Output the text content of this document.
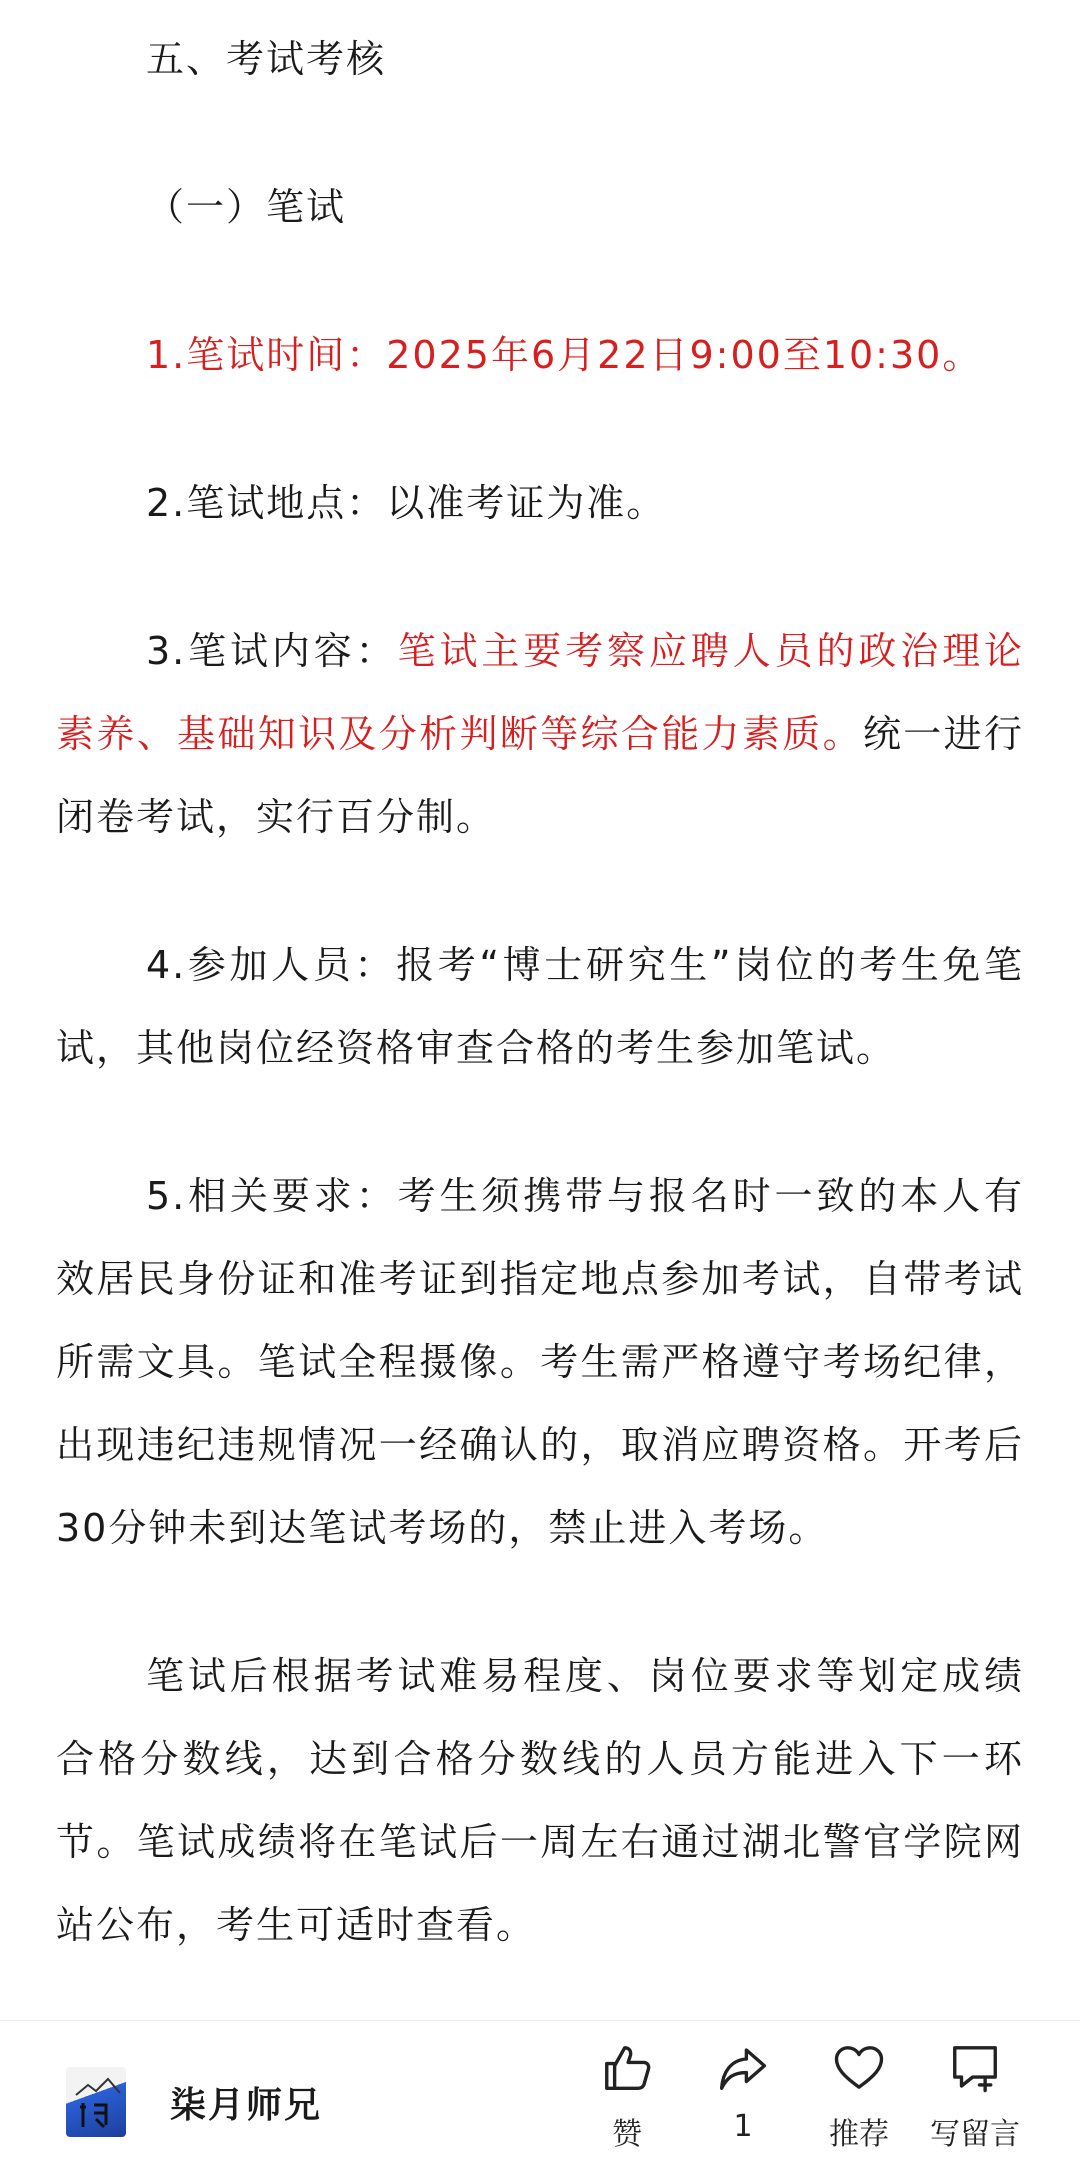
五、考试考核

（一）笔试

1.笔试时间：2025年6月22日9:00至10:30。

2.笔试地点：以准考证为准。

3.笔试内容：笔试主要考察应聘人员的政治理论素养、基础知识及分析判断等综合能力素质。统一进行闭卷考试，实行百分制。

4.参加人员：报考“博士研究生”岗位的考生免笔试，其他岗位经资格审查合格的考生参加笔试。

5.相关要求：考生须携带与报名时一致的本人有效居民身份证和准考证到指定地点参加考试，自带考试所需文具。笔试全程摄像。考生需严格遵守考场纪律，出现违纪违规情况一经确认的，取消应聘资格。开考后30分钟未到达笔试考场的，禁止进入考场。

笔试后根据考试难易程度、岗位要求等划定成绩合格分数线，达到合格分数线的人员方能进入下一环节。笔试成绩将在笔试后一周左右通过湖北警官学院网站公布，考生可适时查看。

柒月师兄
赞	1	推荐 写留言
